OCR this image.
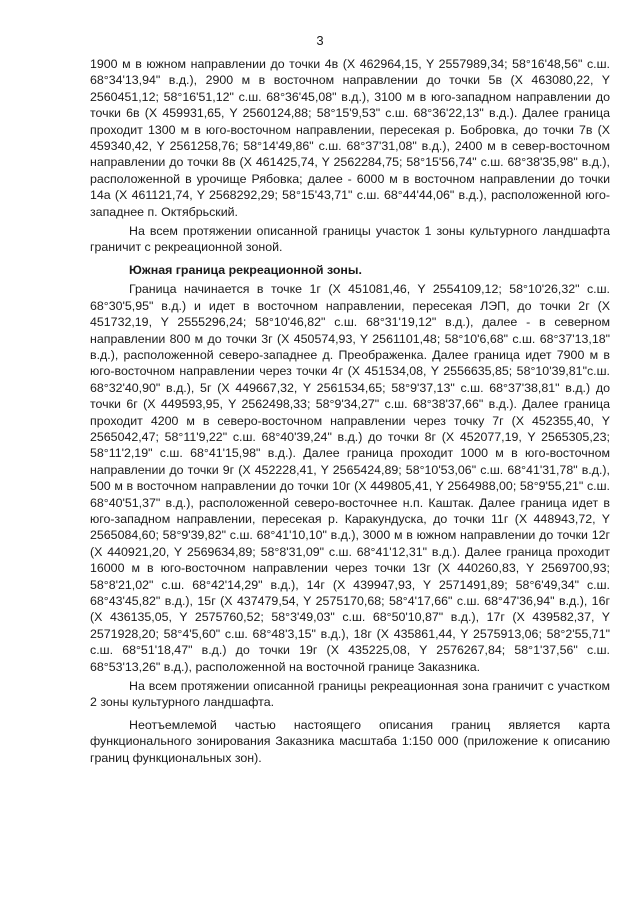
3

1900 м в южном направлении до точки 4в (X 462964,15, Y 2557989,34; 58°16'48,56" с.ш. 68°34'13,94" в.д.), 2900 м в восточном направлении до точки 5в (X 463080,22, Y 2560451,12; 58°16'51,12" с.ш. 68°36'45,08" в.д.), 3100 м в юго-западном направлении до точки 6в (X 459931,65, Y 2560124,88; 58°15'9,53" с.ш. 68°36'22,13" в.д.). Далее граница проходит 1300 м в юго-восточном направлении, пересекая р. Бобровка, до точки 7в (X 459340,42, Y 2561258,76; 58°14'49,86" с.ш. 68°37'31,08" в.д.), 2400 м в север-восточном направлении до точки 8в (X 461425,74, Y 2562284,75; 58°15'56,74" с.ш. 68°38'35,98" в.д.), расположенной в урочище Рябовка; далее - 6000 м в восточном направлении до точки 14а (X 461121,74, Y 2568292,29; 58°15'43,71" с.ш. 68°44'44,06" в.д.), расположенной юго-западнее п. Октябрьский.

На всем протяжении описанной границы участок 1 зоны культурного ландшафта граничит с рекреационной зоной.

Южная граница рекреационной зоны.

Граница начинается в точке 1г (X 451081,46, Y 2554109,12; 58°10'26,32" с.ш. 68°30'5,95" в.д.) и идет в восточном направлении, пересекая ЛЭП, до точки 2г (X 451732,19, Y 2555296,24; 58°10'46,82" с.ш. 68°31'19,12" в.д.), далее - в северном направлении 800 м до точки 3г (X 450574,93, Y 2561101,48; 58°10'6,68" с.ш. 68°37'13,18" в.д.), расположенной северо-западнее д. Преображенка. Далее граница идет 7900 м в юго-восточном направлении через точки 4г (X 451534,08, Y 2556635,85; 58°10'39,81"с.ш. 68°32'40,90" в.д.), 5г (X 449667,32, Y 2561534,65; 58°9'37,13" с.ш. 68°37'38,81" в.д.) до точки 6г (X 449593,95, Y 2562498,33; 58°9'34,27" с.ш. 68°38'37,66" в.д.). Далее граница проходит 4200 м в северо-восточном направлении через точку 7г (X 452355,40, Y 2565042,47; 58°11'9,22" с.ш. 68°40'39,24" в.д.) до точки 8г (X 452077,19, Y 2565305,23; 58°11'2,19" с.ш. 68°41'15,98" в.д.). Далее граница проходит 1000 м в юго-восточном направлении до точки 9г (X 452228,41, Y 2565424,89; 58°10'53,06" с.ш. 68°41'31,78" в.д.), 500 м в восточном направлении до точки 10г (X 449805,41, Y 2564988,00; 58°9'55,21" с.ш. 68°40'51,37" в.д.), расположенной северо-восточнее н.п. Каштак. Далее граница идет в юго-западном направлении, пересекая р. Каракундуска, до точки 11г (X 448943,72, Y 2565084,60; 58°9'39,82" с.ш. 68°41'10,10" в.д.), 3000 м в южном направлении до точки 12г (X 440921,20, Y 2569634,89; 58°8'31,09" с.ш. 68°41'12,31" в.д.). Далее граница проходит 16000 м в юго-восточном направлении через точки 13г (X 440260,83, Y 2569700,93; 58°8'21,02" с.ш. 68°42'14,29" в.д.), 14г (X 439947,93, Y 2571491,89; 58°6'49,34" с.ш. 68°43'45,82" в.д.), 15г (X 437479,54, Y 2575170,68; 58°4'17,66" с.ш. 68°47'36,94" в.д.), 16г (X 436135,05, Y 2575760,52; 58°3'49,03" с.ш. 68°50'10,87" в.д.), 17г (X 439582,37, Y 2571928,20; 58°4'5,60" с.ш. 68°48'3,15" в.д.), 18г (X 435861,44, Y 2575913,06; 58°2'55,71" с.ш. 68°51'18,47" в.д.) до точки 19г (X 435225,08, Y 2576267,84; 58°1'37,56" с.ш. 68°53'13,26" в.д.), расположенной на восточной границе Заказника.

На всем протяжении описанной границы рекреационная зона граничит с участком 2 зоны культурного ландшафта.

Неотъемлемой частью настоящего описания границ является карта функционального зонирования Заказника масштаба 1:150 000 (приложение к описанию границ функциональных зон).
